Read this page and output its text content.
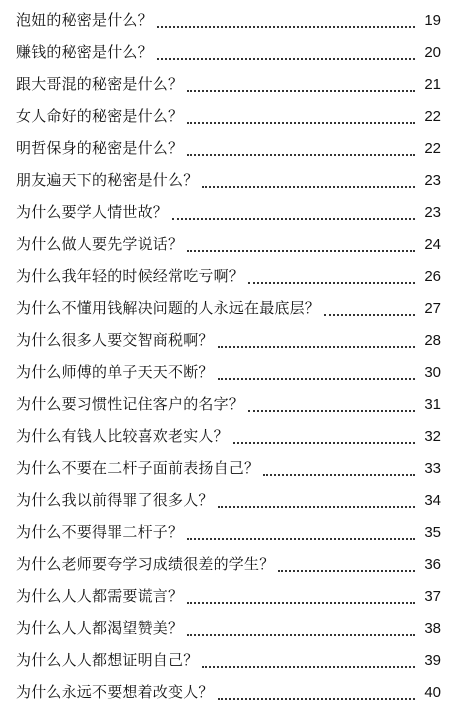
泡妞的秘密是什么？	19
赚钱的秘密是什么？	20
跟大哥混的秘密是什么？	21
女人命好的秘密是什么？	22
明哲保身的秘密是什么？	22
朋友遍天下的秘密是什么？	23
为什么要学人情世故？	23
为什么做人要先学说话？	24
为什么我年轻的时候经常吃亏啊？	26
为什么不懂用钱解决问题的人永远在最底层？	27
为什么很多人要交智商税啊？	28
为什么师傅的单子天天不断？	30
为什么要习惯性记住客户的名字？	31
为什么有钱人比较喜欢老实人？	32
为什么不要在二杆子面前表扬自己？	33
为什么我以前得罪了很多人？	34
为什么不要得罪二杆子？	35
为什么老师要夸学习成绩很差的学生？	36
为什么人人都需要谎言？	37
为什么人人都渴望赞美？	38
为什么人人都想证明自己？	39
为什么永远不要想着改变人？	40
